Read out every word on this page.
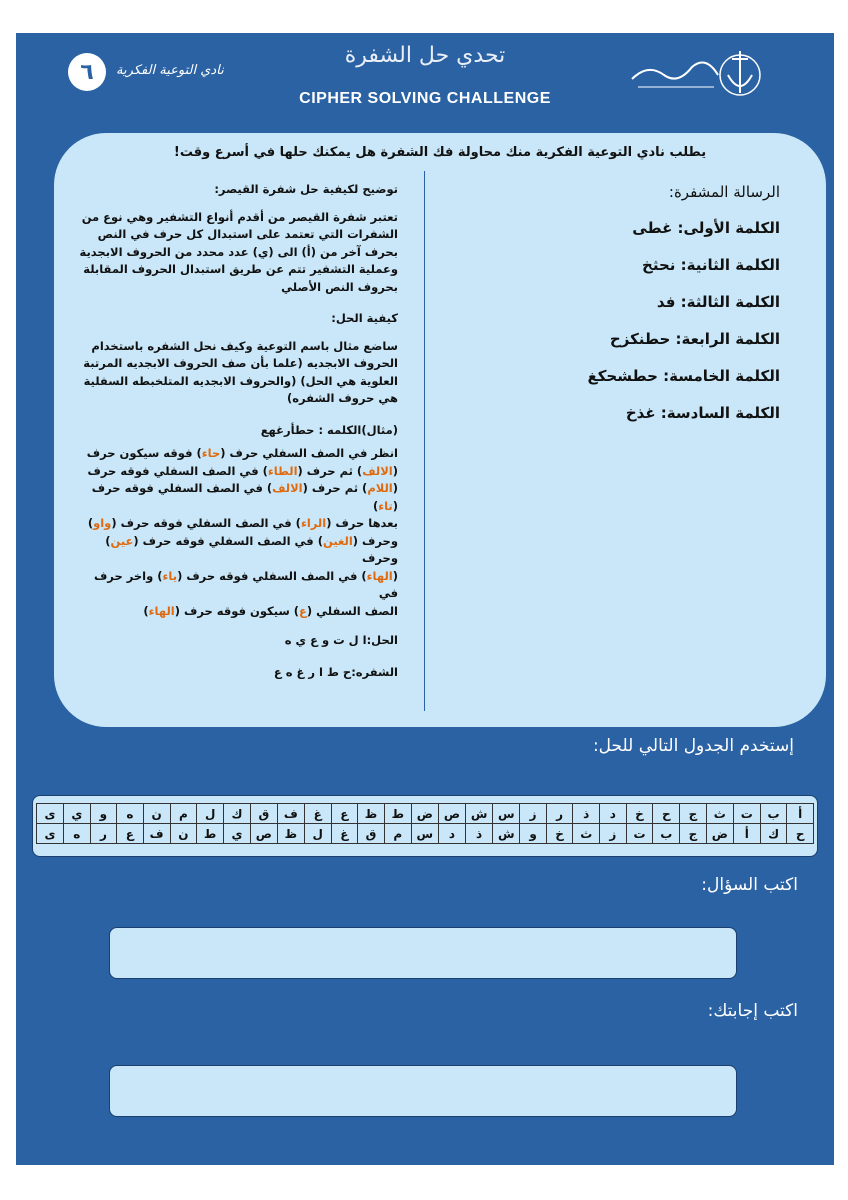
تحدي حل الشفرة
CIPHER SOLVING CHALLENGE
٦	نادي التوعية الفكرية
يطلب نادي التوعية الفكرية منك محاولة فك الشفرة هل يمكنك حلها في أسرع وقت!
الرسالة المشفرة:
الكلمة الأولى: غطى
الكلمة الثانية: نحثخ
الكلمة الثالثة: فد
الكلمة الرابعة: حطنكزح
الكلمة الخامسة: حطشحكغ
الكلمة السادسة: غذخ
توضيح لكيفية حل شفرة القيصر:

تعتبر شفرة القيصر من أقدم أنواع التشفير وهي نوع من الشفرات التي تعتمد على استبدال كل حرف في النص بحرف آخر من (أ) الى (ي) عدد محدد من الحروف الابجدية وعملية التشفير تتم عن طريق استبدال الحروف المقابلة بحروف النص الأصلي

كيفية الحل:

ساضع مثال باسم التوعية وكيف نحل الشفره باستخدام الحروف الابجديه (علما بأن صف الحروف الابجديه المرتبة العلوية هي الحل) (والحروف الابجديه المتلخبطه السفلية هي حروف الشفره)

(مثال)الكلمه : حطأرغهع

انظر في الصف السفلي حرف (حاء) فوقه سيكون حرف
(الالف) ثم حرف (الطاء) في الصف السفلي فوقه حرف
(اللام) ثم حرف (الالف) في الصف السفلي فوقه حرف (تاء)
بعدها حرف (الراء) في الصف السفلي فوقه حرف (واو)
وحرف (الغين) في الصف السفلي فوقه حرف (عين) وحرف
(الهاء) في الصف السفلي فوقه حرف (ياء) واخر حرف في
الصف السفلي (ع) سيكون فوقه حرف (الهاء)

الحل:ا ل ت و ع ي ه

الشفره:ح ط ا ر غ ه ع

إستخدم الجدول التالي للحل:
أ	ب	ت	ث	ج	ح	خ	د	ذ	ر	ز	س	ش	ص	ض	ط	ظ	ع	غ	ف	ق	ك	ل	م	ن	ه	و	ي	ى
ح	ك	أ	ض	ج	ب	ت	ز	ث	خ	و	ش	ذ	د	س	م	ق	غ	ل	ظ	ص	ي	ط	ن	ف	ع	ر	ه	ى
اكتب السؤال:
اكتب إجابتك:
